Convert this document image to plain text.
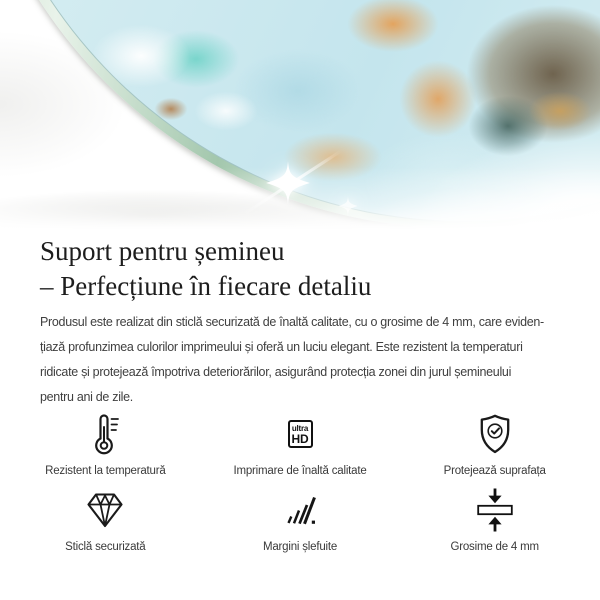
Suport pentru șemineu
– Perfecțiune în fiecare detaliu
Produsul este realizat din sticlă securizată de înaltă calitate, cu o grosime de 4 mm, care eviden-
țiază profunzimea culorilor imprimeului și oferă un luciu elegant. Este rezistent la temperaturi
ridicate și protejează împotriva deteriorărilor, asigurând protecția zonei din jurul șemineului
pentru ani de zile.
Rezistent la temperatură
ultra
HD
Imprimare de înaltă calitate	Protejează suprafața
Sticlă securizată	Margini șlefuite	Grosime de 4 mm
